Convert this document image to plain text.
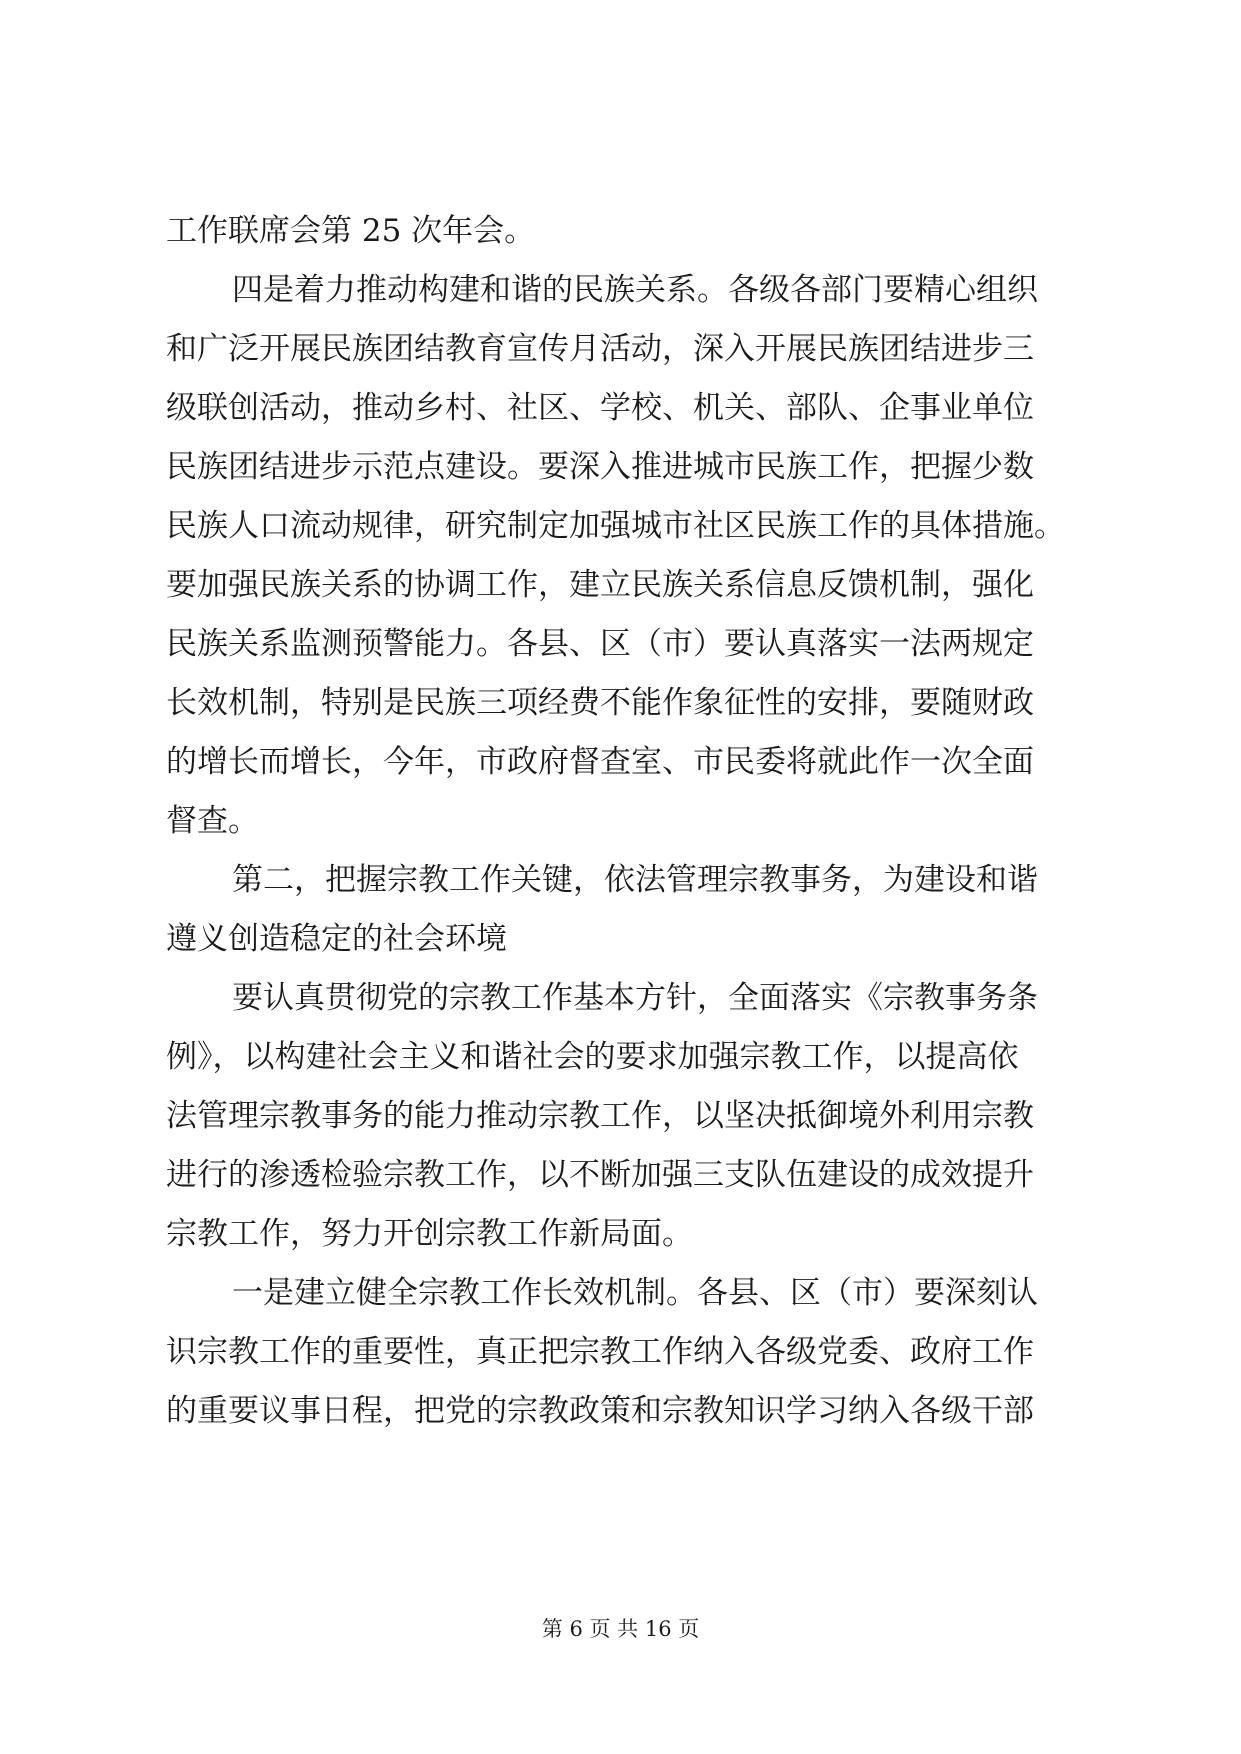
工作联席会第 25 次年会。
四是着力推动构建和谐的民族关系。各级各部门要精心组织
和广泛开展民族团结教育宣传月活动，深入开展民族团结进步三
级联创活动，推动乡村、社区、学校、机关、部队、企事业单位
民族团结进步示范点建设。要深入推进城市民族工作，把握少数
民族人口流动规律，研究制定加强城市社区民族工作的具体措施。
要加强民族关系的协调工作，建立民族关系信息反馈机制，强化
民族关系监测预警能力。各县、区（市）要认真落实一法两规定
长效机制，特别是民族三项经费不能作象征性的安排，要随财政
的增长而增长，今年，市政府督查室、市民委将就此作一次全面
督查。
第二，把握宗教工作关键，依法管理宗教事务，为建设和谐
遵义创造稳定的社会环境
要认真贯彻党的宗教工作基本方针，全面落实《宗教事务条
例》，以构建社会主义和谐社会的要求加强宗教工作，以提高依
法管理宗教事务的能力推动宗教工作，以坚决抵御境外利用宗教
进行的渗透检验宗教工作，以不断加强三支队伍建设的成效提升
宗教工作，努力开创宗教工作新局面。
一是建立健全宗教工作长效机制。各县、区（市）要深刻认
识宗教工作的重要性，真正把宗教工作纳入各级党委、政府工作
的重要议事日程，把党的宗教政策和宗教知识学习纳入各级干部
第 6 页 共 16 页
